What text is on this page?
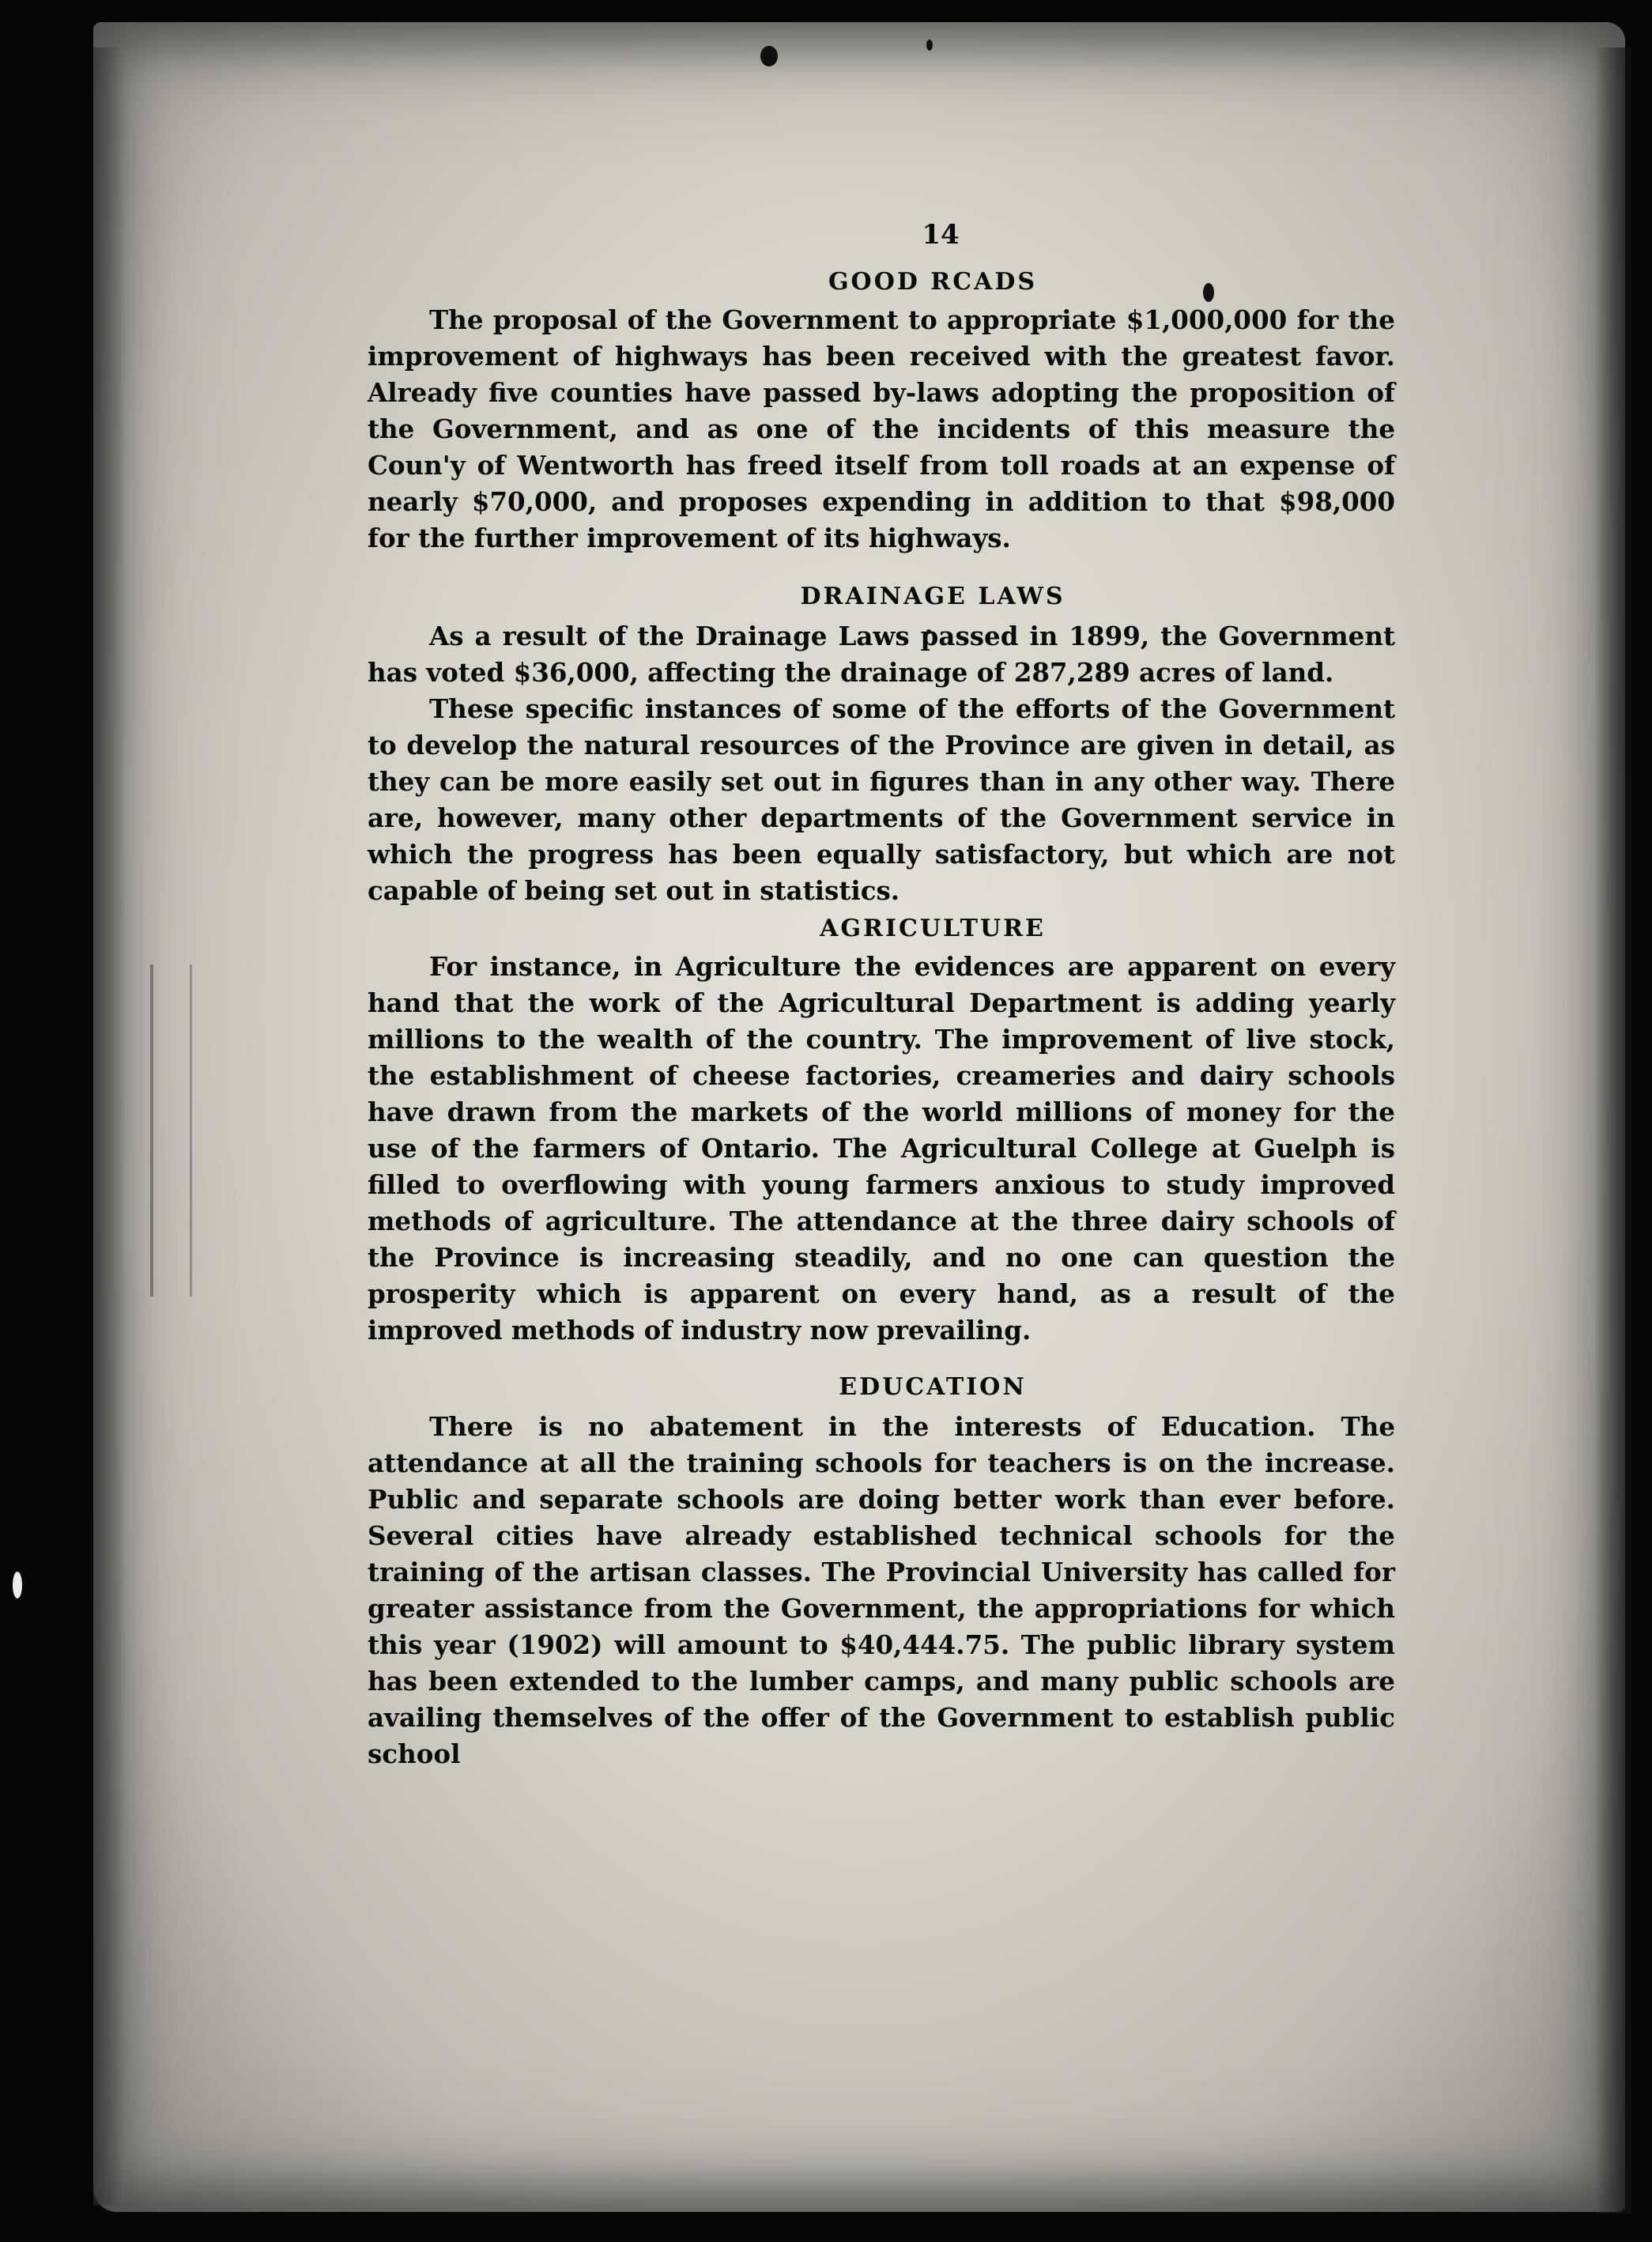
14
GOOD RCADS

The proposal of the Government to appropriate $1,000,000 for the improvement of highways has been received with the greatest favor. Already five counties have passed by-laws adopting the proposition of the Government, and as one of the incidents of this measure the Coun'y of Wentworth has freed itself from toll roads at an expense of nearly $70,000, and proposes expending in addition to that $98,000 for the further improvement of its highways.

DRAINAGE LAWS

As a result of the Drainage Laws passed in 1899, the Government has voted $36,000, affecting the drainage of 287,289 acres of land.

These specific instances of some of the efforts of the Government to develop the natural resources of the Province are given in detail, as they can be more easily set out in figures than in any other way. There are, however, many other departments of the Government service in which the progress has been equally satisfactory, but which are not capable of being set out in statistics.

AGRICULTURE

For instance, in Agriculture the evidences are apparent on every hand that the work of the Agricultural Department is adding yearly millions to the wealth of the country. The improvement of live stock, the establishment of cheese factories, creameries and dairy schools have drawn from the markets of the world millions of money for the use of the farmers of Ontario. The Agricultural College at Guelph is filled to overflowing with young farmers anxious to study improved methods of agriculture. The attendance at the three dairy schools of the Province is increasing steadily, and no one can question the prosperity which is apparent on every hand, as a result of the improved methods of industry now prevailing.

EDUCATION

There is no abatement in the interests of Education. The attendance at all the training schools for teachers is on the increase. Public and separate schools are doing better work than ever before. Several cities have already established technical schools for the training of the artisan classes. The Provincial University has called for greater assistance from the Government, the appropriations for which this year (1902) will amount to $40,444.75. The public library system has been extended to the lumber camps, and many public schools are availing themselves of the offer of the Government to establish public school
